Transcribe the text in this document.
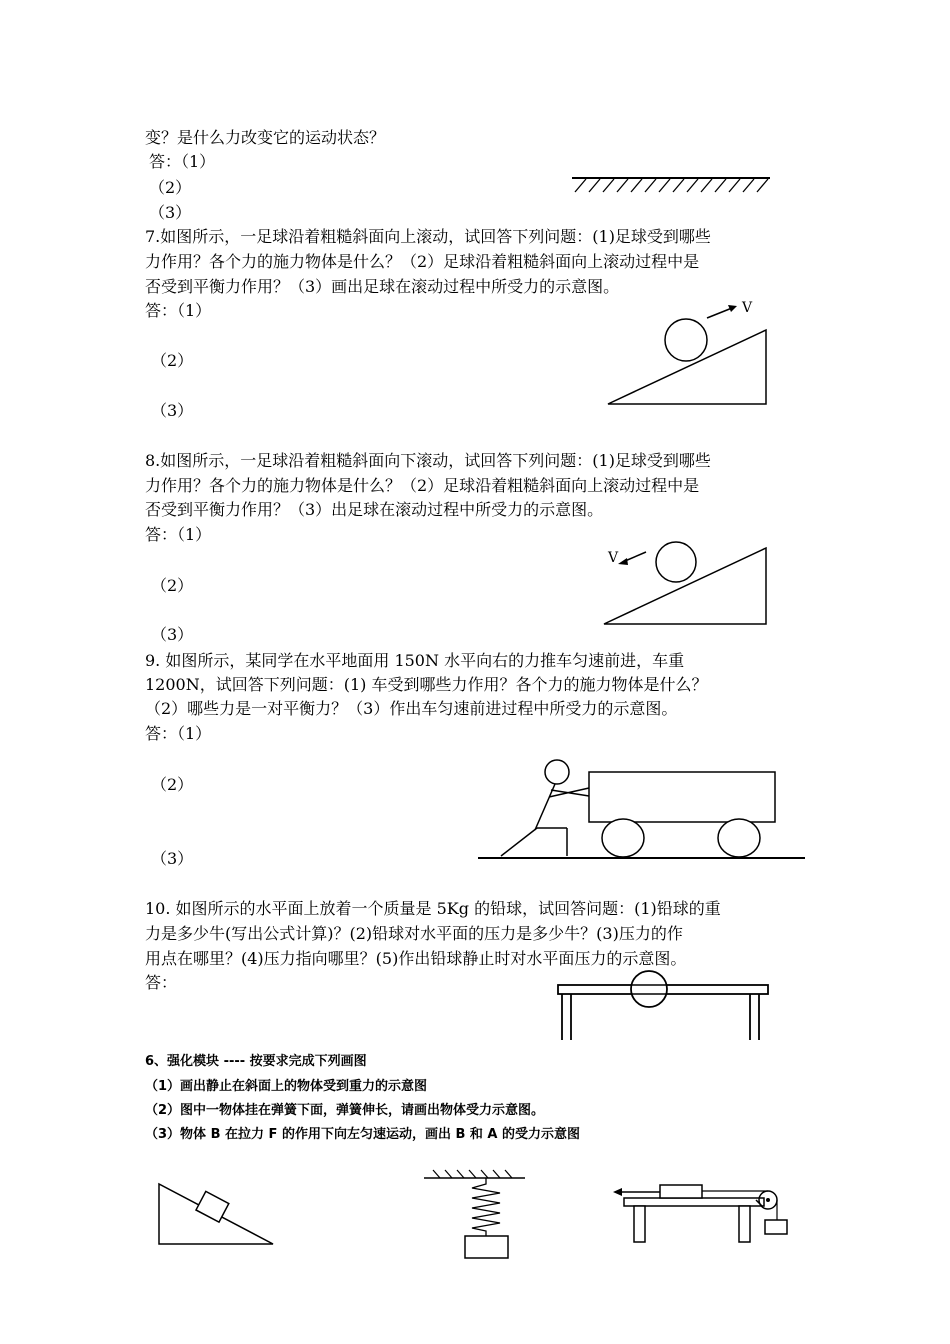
变？是什么力改变它的运动状态？
答：（1）
（2）
（3）
7.如图所示，一足球沿着粗糙斜面向上滚动，试回答下列问题：(1)足球受到哪些
力作用？各个力的施力物体是什么？（2）足球沿着粗糙斜面向上滚动过程中是
否受到平衡力作用？（3）画出足球在滚动过程中所受力的示意图。
答：（1）
（2）
（3）
V
8.如图所示，一足球沿着粗糙斜面向下滚动，试回答下列问题：(1)足球受到哪些
力作用？各个力的施力物体是什么？（2）足球沿着粗糙斜面向上滚动过程中是
否受到平衡力作用？（3）出足球在滚动过程中所受力的示意图。
答：（1）
（2）
（3）
V
9. 如图所示，某同学在水平地面用 150N 水平向右的力推车匀速前进，车重
1200N，试回答下列问题：(1) 车受到哪些力作用？各个力的施力物体是什么？
（2）哪些力是一对平衡力？（3）作出车匀速前进过程中所受力的示意图。
答：（1）
（2）
（3）
10. 如图所示的水平面上放着一个质量是 5Kg 的铅球，试回答问题：(1)铅球的重
力是多少牛(写出公式计算)？(2)铅球对水平面的压力是多少牛？(3)压力的作
用点在哪里？(4)压力指向哪里？(5)作出铅球静止时对水平面压力的示意图。
答：
6、强化模块 ---- 按要求完成下列画图
（1）画出静止在斜面上的物体受到重力的示意图
（2）图中一物体挂在弹簧下面，弹簧伸长，请画出物体受力示意图。
（3）物体 B 在拉力 F 的作用下向左匀速运动，画出 B 和 A 的受力示意图
